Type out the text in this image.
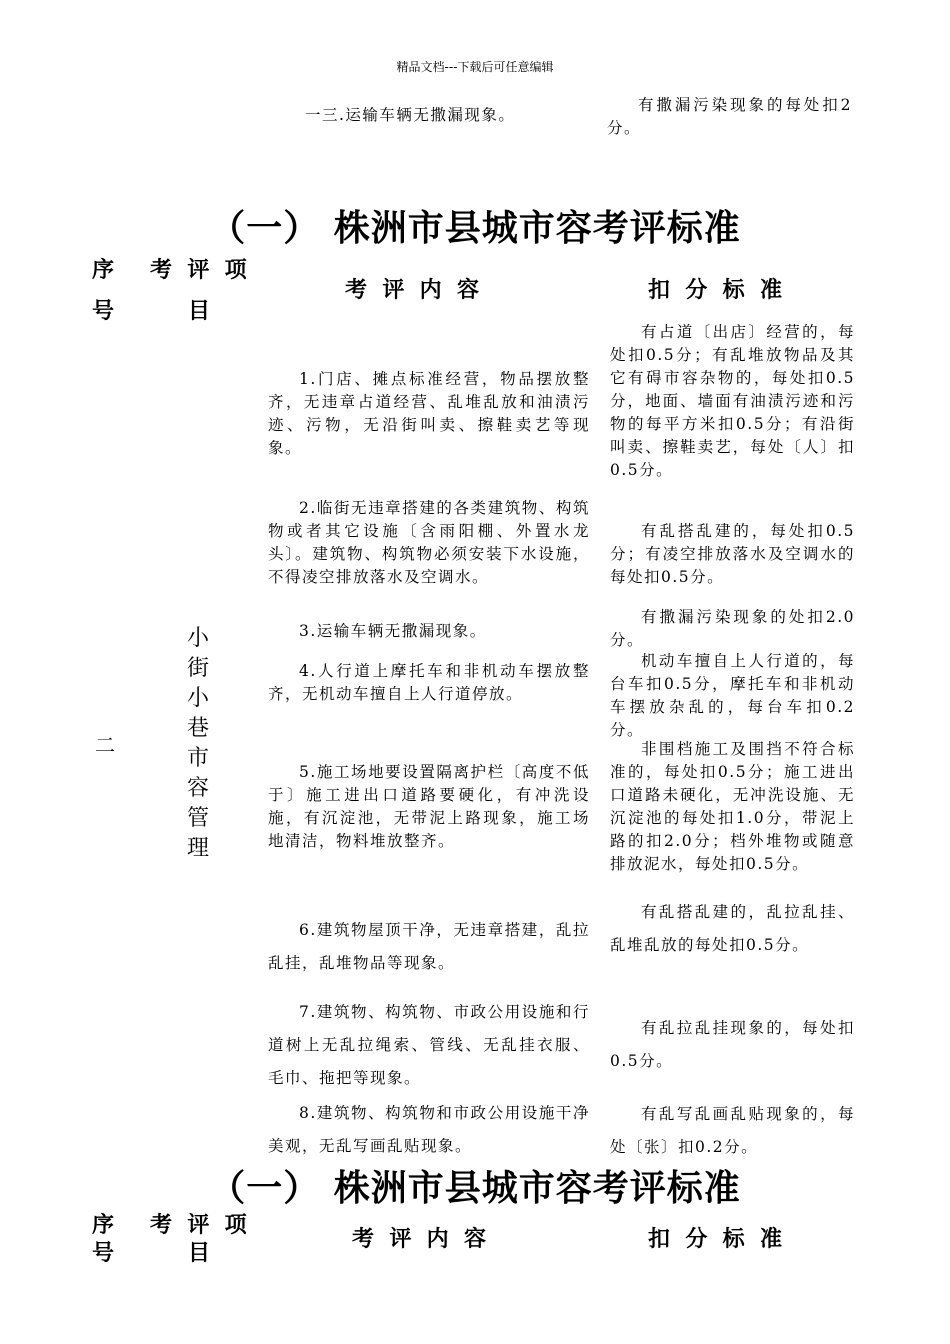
精品文档---下载后可任意编辑
一三.运输车辆无撒漏现象。
有撒漏污染现象的每处扣2分。
（一） 株洲市县城市容考评标准
序
号
考  评  项
目
考  评  内  容	扣  分  标  准
二
小
街
小
巷
市
容
管
理
1.门店、摊点标准经营，物品摆放整齐，无违章占道经营、乱堆乱放和油渍污迹、污物，无沿街叫卖、擦鞋卖艺等现象。
2.临街无违章搭建的各类建筑物、构筑物或者其它设施〔含雨阳棚、外置水龙头〕。建筑物、构筑物必须安装下水设施，不得凌空排放落水及空调水。
3.运输车辆无撒漏现象。
4.人行道上摩托车和非机动车摆放整齐，无机动车擅自上人行道停放。
5.施工场地要设置隔离护栏〔高度不低于〕施工进出口道路要硬化，有冲洗设施，有沉淀池，无带泥上路现象，施工场地清洁，物料堆放整齐。
6.建筑物屋顶干净，无违章搭建，乱拉乱挂，乱堆物品等现象。
7.建筑物、构筑物、市政公用设施和行道树上无乱拉绳索、管线、无乱挂衣服、毛巾、拖把等现象。
8.建筑物、构筑物和市政公用设施干净美观，无乱写画乱贴现象。
有占道〔出店〕经营的，每处扣0.5分；有乱堆放物品及其它有碍市容杂物的，每处扣0.5分，地面、墙面有油渍污迹和污物的每平方米扣0.5分；有沿街叫卖、擦鞋卖艺，每处〔人〕扣0.5分。
有乱搭乱建的，每处扣0.5分；有凌空排放落水及空调水的每处扣0.5分。
有撒漏污染现象的处扣2.0分。
机动车擅自上人行道的，每台车扣0.5分，摩托车和非机动车摆放杂乱的，每台车扣0.2分。
非围档施工及围挡不符合标准的，每处扣0.5分；施工进出口道路未硬化，无冲洗设施、无沉淀池的每处扣1.0分，带泥上路的扣2.0分；档外堆物或随意排放泥水，每处扣0.5分。
有乱搭乱建的，乱拉乱挂、乱堆乱放的每处扣0.5分。
有乱拉乱挂现象的，每处扣0.5分。
有乱写乱画乱贴现象的，每处〔张〕扣0.2分。
（一） 株洲市县城市容考评标准
序
号
考  评  项
目
考  评  内  容	扣  分  标  准
